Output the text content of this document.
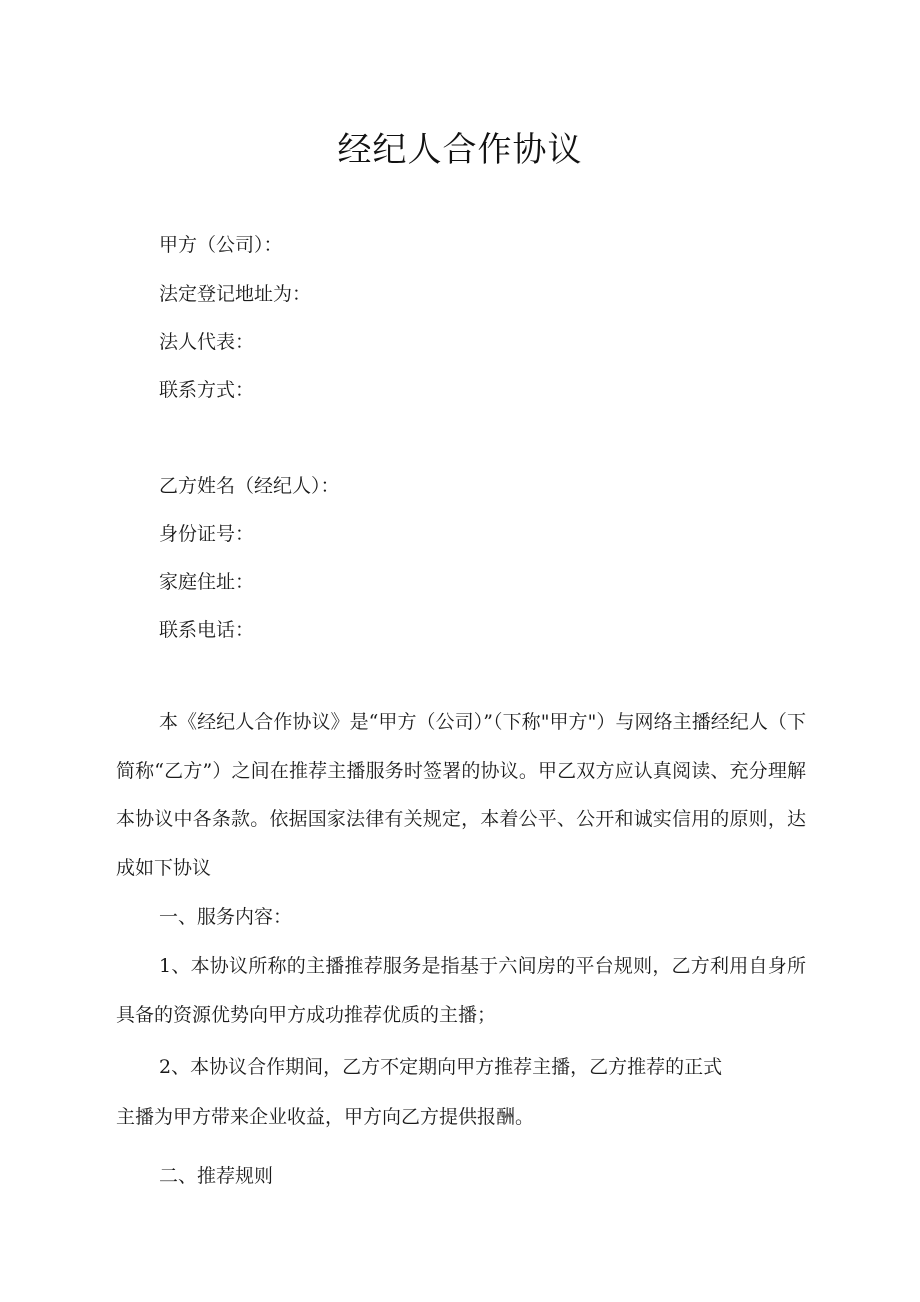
经纪人合作协议

甲方（公司）：

法定登记地址为：

法人代表：

联系方式：

乙方姓名（经纪人）：

身份证号：

家庭住址：

联系电话：

本《经纪人合作协议》是“甲方（公司）”（下称"甲方"）与网络主播经纪人（下简称“乙方”）之间在推荐主播服务时签署的协议。甲乙双方应认真阅读、充分理解本协议中各条款。依据国家法律有关规定，本着公平、公开和诚实信用的原则，达成如下协议

一、服务内容：

1、本协议所称的主播推荐服务是指基于六间房的平台规则，乙方利用自身所具备的资源优势向甲方成功推荐优质的主播；

2、本协议合作期间，乙方不定期向甲方推荐主播，乙方推荐的正式

主播为甲方带来企业收益，甲方向乙方提供报酬。

二、推荐规则
